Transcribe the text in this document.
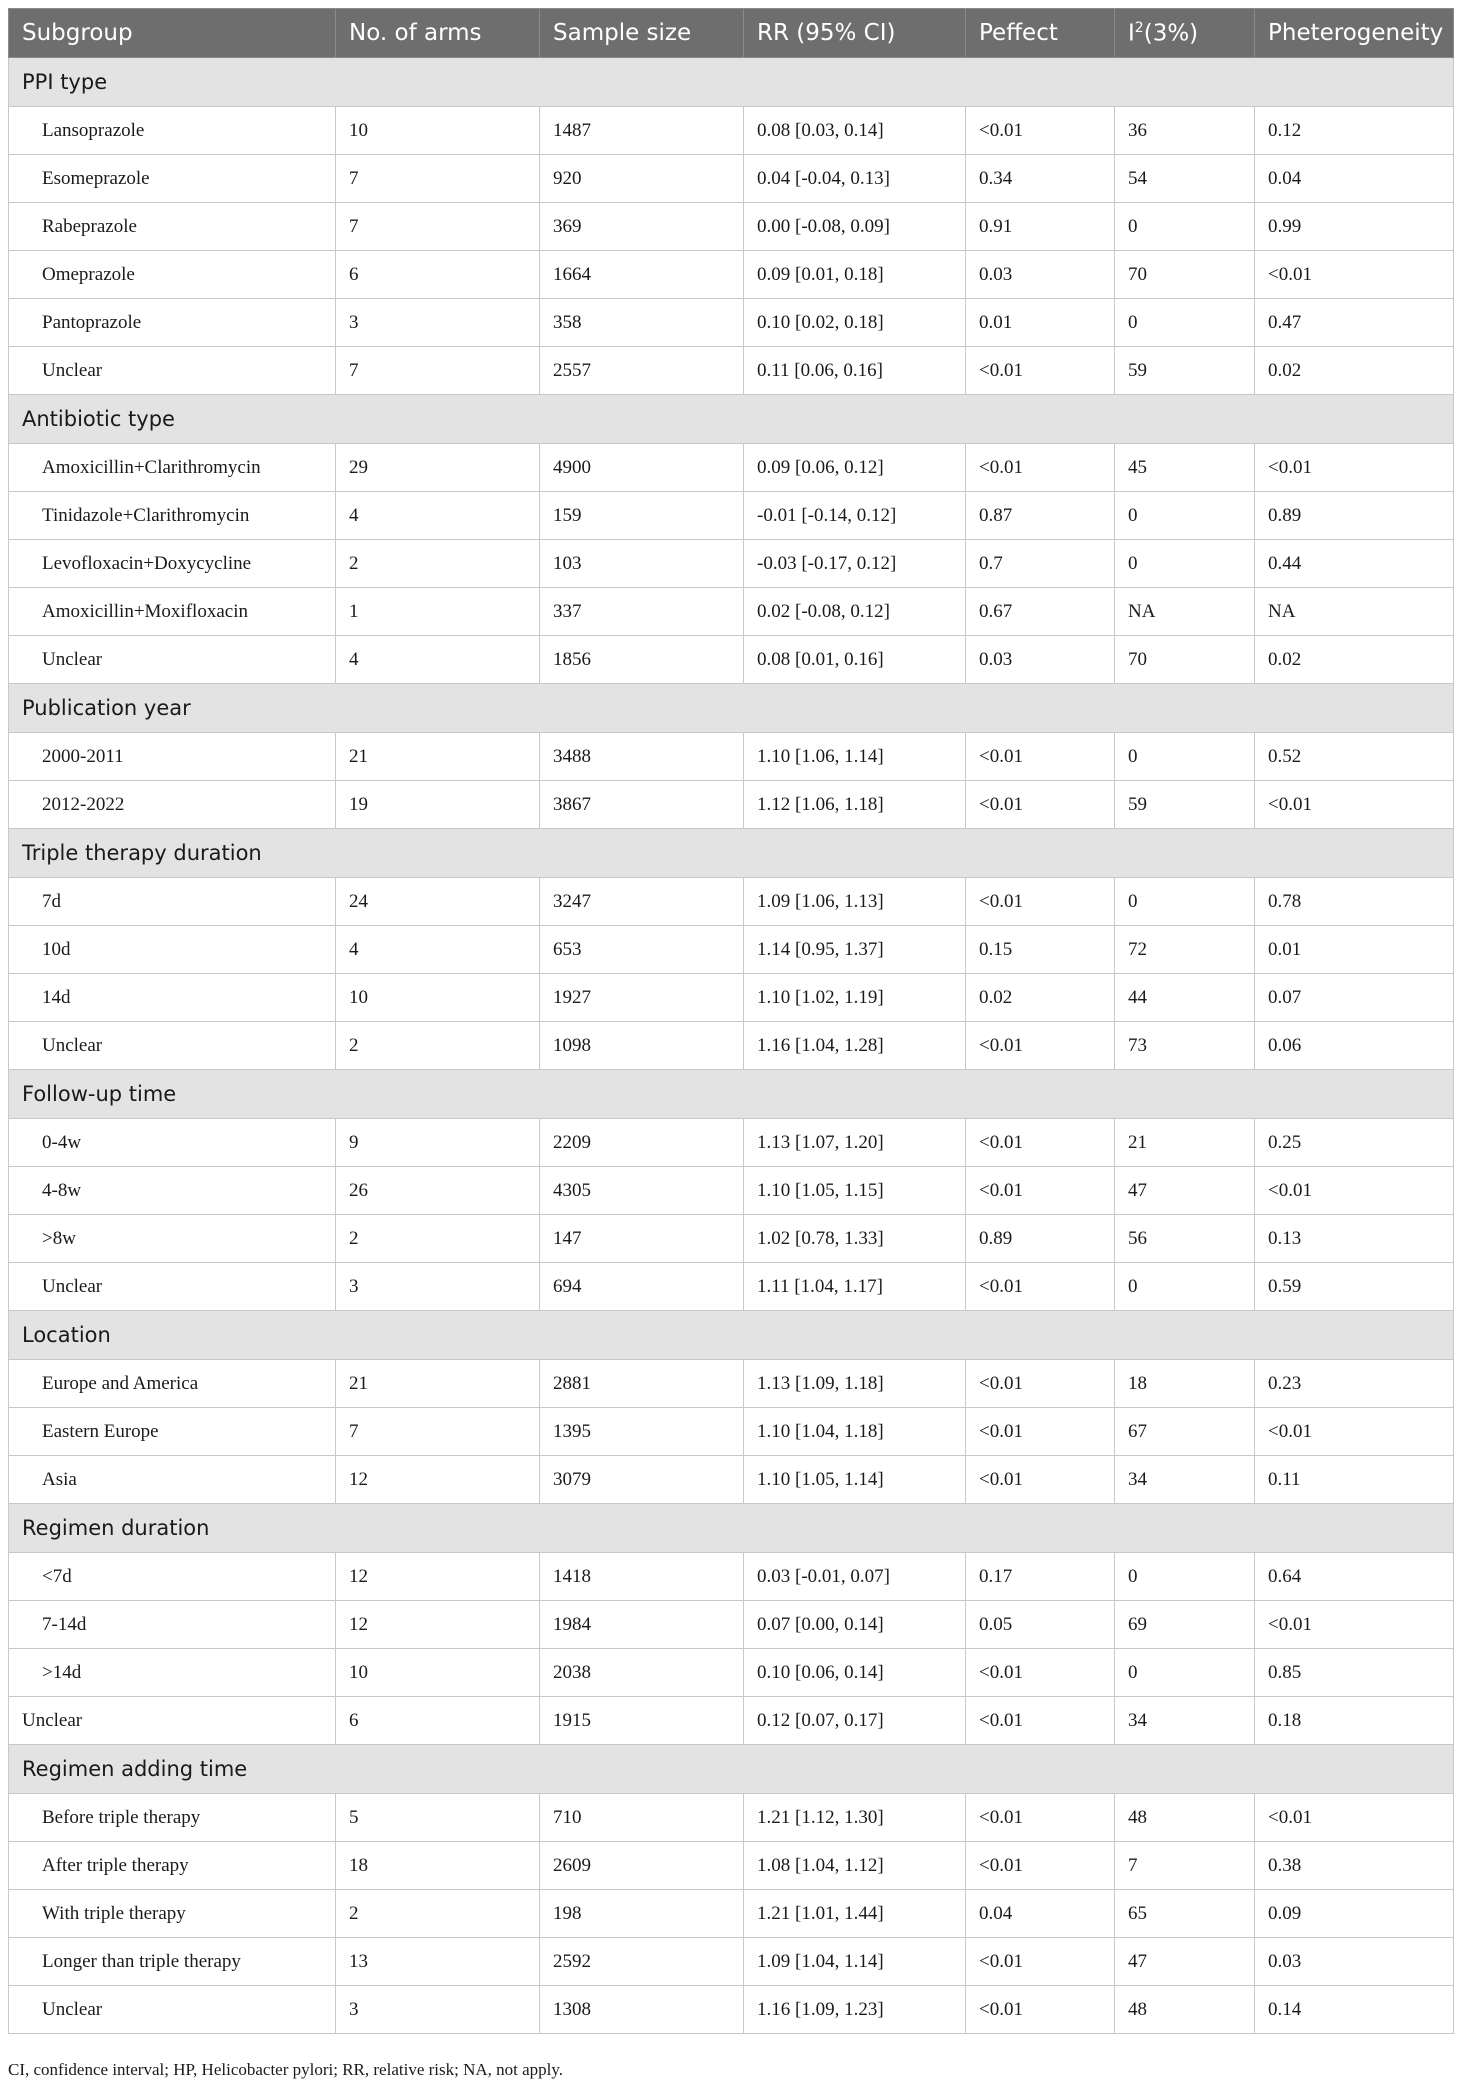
Subgroup	No. of arms	Sample size	RR (95% CI)	Peffect	$I^2(3\%)$	Pheterogeneity
PPI type						
Lansoprazole	10	1487	0.08 [0.03, 0.14]	<0.01	36	0.12
Esomeprazole	7	920	0.04 [-0.04, 0.13]	0.34	54	0.04
Rabeprazole	7	369	0.00 [-0.08, 0.09]	0.91	0	0.99
Omeprazole	6	1664	0.09 [0.01, 0.18]	0.03	70	<0.01
Pantoprazole	3	358	0.10 [0.02, 0.18]	0.01	0	0.47
Unclear	7	2557	0.11 [0.06, 0.16]	<0.01	59	0.02
Antibiotic type						
Amoxicillin+Clarithromycin	29	4900	0.09 [0.06, 0.12]	<0.01	45	<0.01
Tinidazole+Clarithromycin	4	159	-0.01 [-0.14, 0.12]	0.87	0	0.89
Levofloxacin+Doxycycline	2	103	-0.03 [-0.17, 0.12]	0.7	0	0.44
Amoxicillin+Moxifloxacin	1	337	0.02 [-0.08, 0.12]	0.67	NA	NA
Unclear	4	1856	0.08 [0.01, 0.16]	0.03	70	0.02
Publication year						
2000-2011	21	3488	1.10 [1.06, 1.14]	<0.01	0	0.52
2012-2022	19	3867	1.12 [1.06, 1.18]	<0.01	59	<0.01
Triple therapy duration						
7d	24	3247	1.09 [1.06, 1.13]	<0.01	0	0.78
10d	4	653	1.14 [0.95, 1.37]	0.15	72	0.01
14d	10	1927	1.10 [1.02, 1.19]	0.02	44	0.07
Unclear	2	1098	1.16 [1.04, 1.28]	<0.01	73	0.06
Follow-up time						
0-4w	9	2209	1.13 [1.07, 1.20]	<0.01	21	0.25
4-8w	26	4305	1.10 [1.05, 1.15]	<0.01	47	<0.01
>8w	2	147	1.02 [0.78, 1.33]	0.89	56	0.13
Unclear	3	694	1.11 [1.04, 1.17]	<0.01	0	0.59
Location						
Europe and America	21	2881	1.13 [1.09, 1.18]	<0.01	18	0.23
Eastern Europe	7	1395	1.10 [1.04, 1.18]	<0.01	67	<0.01
Asia	12	3079	1.10 [1.05, 1.14]	<0.01	34	0.11
Regimen duration						
<7d	12	1418	0.03 [-0.01, 0.07]	0.17	0	0.64
7-14d	12	1984	0.07 [0.00, 0.14]	0.05	69	<0.01
>14d	10	2038	0.10 [0.06, 0.14]	<0.01	0	0.85
Unclear	6	1915	0.12 [0.07, 0.17]	<0.01	34	0.18
Regimen adding time						
Before triple therapy	5	710	1.21 [1.12, 1.30]	<0.01	48	<0.01
After triple therapy	18	2609	1.08 [1.04, 1.12]	<0.01	7	0.38
With triple therapy	2	198	1.21 [1.01, 1.44]	0.04	65	0.09
Longer than triple therapy	13	2592	1.09 [1.04, 1.14]	<0.01	47	0.03
Unclear	3	1308	1.16 [1.09, 1.23]	<0.01	48	0.14
CI, confidence interval; HP, Helicobacter pylori; RR, relative risk; NA, not apply.
